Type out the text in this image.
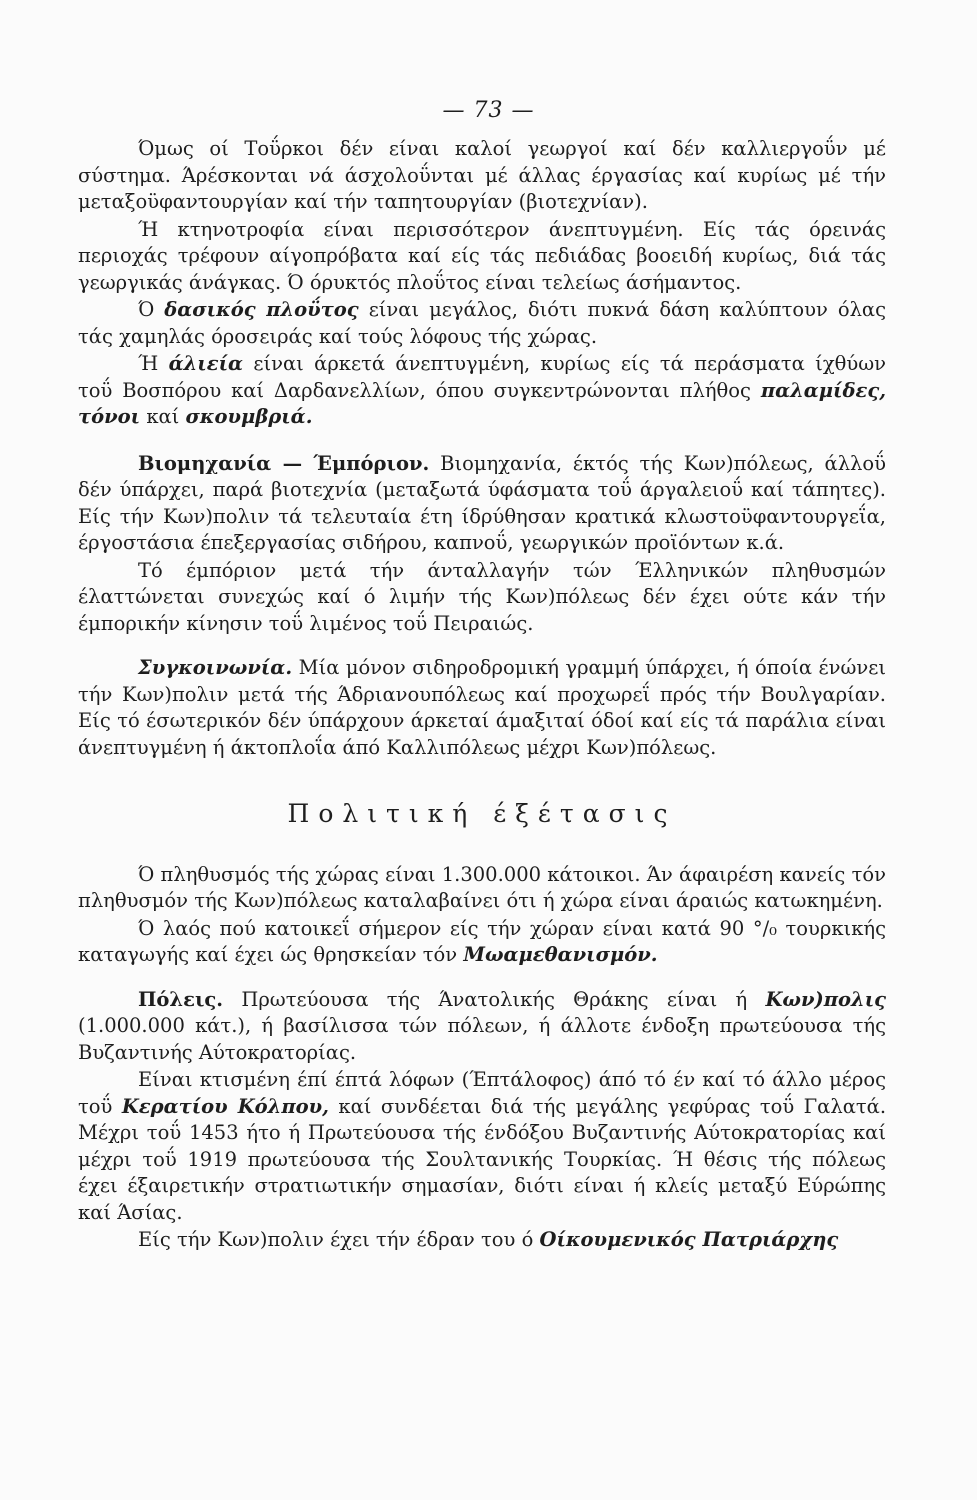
— 73 —

Όμως οί Τοΰρκοι δέν είναι καλοί γεωργοί καί δέν καλλιεργοΰν μέ σύστημα. Άρέσκονται νά άσχολοΰνται μέ άλλας έργασίας καί κυρίως μέ τήν μεταξοϋφαντουργίαν καί τήν ταπητουργίαν (βιοτεχνίαν).

Ή κτηνοτροφία είναι περισσότερον άνεπτυγμένη. Είς τάς όρεινάς περιοχάς τρέφουν αίγοπρόβατα καί είς τάς πεδιάδας βοοειδή κυρίως, διά τάς γεωργικάς άνάγκας. Ό όρυκτός πλοΰτος είναι τελείως άσήμαντος.

Ό δασικός πλοΰτος είναι μεγάλος, διότι πυκνά δάση καλύπτουν όλας τάς χαμηλάς όροσειράς καί τούς λόφους τής χώρας.

Ή άλιεία είναι άρκετά άνεπτυγμένη, κυρίως είς τά περάσματα ίχθύων τοΰ Βοσπόρου καί Δαρδανελλίων, όπου συγκεντρώνονται πλήθος παλαμίδες, τόνοι καί σκουμβριά.

Βιομηχανία — Έμπόριον. Βιομηχανία, έκτός τής Κων)πόλεως, άλλοΰ δέν ύπάρχει, παρά βιοτεχνία (μεταξωτά ύφάσματα τοΰ άργαλειοΰ καί τάπητες). Είς τήν Κων)πολιν τά τελευταία έτη ίδρύθησαν κρατικά κλωστοϋφαντουργεΐα, έργοστάσια έπεξεργασίας σιδήρου, καπνοΰ, γεωργικών προϊόντων κ.ά.

Τό έμπόριον μετά τήν άνταλλαγήν τών Έλληνικών πληθυσμών έλαττώνεται συνεχώς καί ό λιμήν τής Κων)πόλεως δέν έχει ούτε κάν τήν έμπορικήν κίνησιν τοΰ λιμένος τοΰ Πειραιώς.

Συγκοινωνία. Μία μόνον σιδηροδρομική γραμμή ύπάρχει, ή όποία ένώνει τήν Κων)πολιν μετά τής Άδριανουπόλεως καί προχωρεΐ πρός τήν Βουλγαρίαν. Είς τό έσωτερικόν δέν ύπάρχουν άρκεταί άμαξιταί όδοί καί είς τά παράλια είναι άνεπτυγμένη ή άκτοπλοΐα άπό Καλλιπόλεως μέχρι Κων)πόλεως.

Πολιτική έξέτασις

Ό πληθυσμός τής χώρας είναι 1.300.000 κάτοικοι. Άν άφαιρέση κανείς τόν πληθυσμόν τής Κων)πόλεως καταλαβαίνει ότι ή χώρα είναι άραιώς κατωκημένη.

Ό λαός πού κατοικεΐ σήμερον είς τήν χώραν είναι κατά 90 °/₀ τουρκικής καταγωγής καί έχει ώς θρησκείαν τόν Μωαμεθανισμόν.

Πόλεις. Πρωτεύουσα τής Άνατολικής Θράκης είναι ή Κων)πολις (1.000.000 κάτ.), ή βασίλισσα τών πόλεων, ή άλλοτε ένδοξη πρωτεύουσα τής Βυζαντινής Αύτοκρατορίας.

Είναι κτισμένη έπί έπτά λόφων (Έπτάλοφος) άπό τό έν καί τό άλλο μέρος τοΰ Κερατίου Κόλπου, καί συνδέεται διά τής μεγάλης γεφύρας τοΰ Γαλατά. Μέχρι τοΰ 1453 ήτο ή Πρωτεύουσα τής ένδόξου Βυζαντινής Αύτοκρατορίας καί μέχρι τοΰ 1919 πρωτεύουσα τής Σουλτανικής Τουρκίας. Ή θέσις τής πόλεως έχει έξαιρετικήν στρατιωτικήν σημασίαν, διότι είναι ή κλείς μεταξύ Εύρώπης καί Άσίας.

Είς τήν Κων)πολιν έχει τήν έδραν του ό Οίκουμενικός Πατριάρχης
